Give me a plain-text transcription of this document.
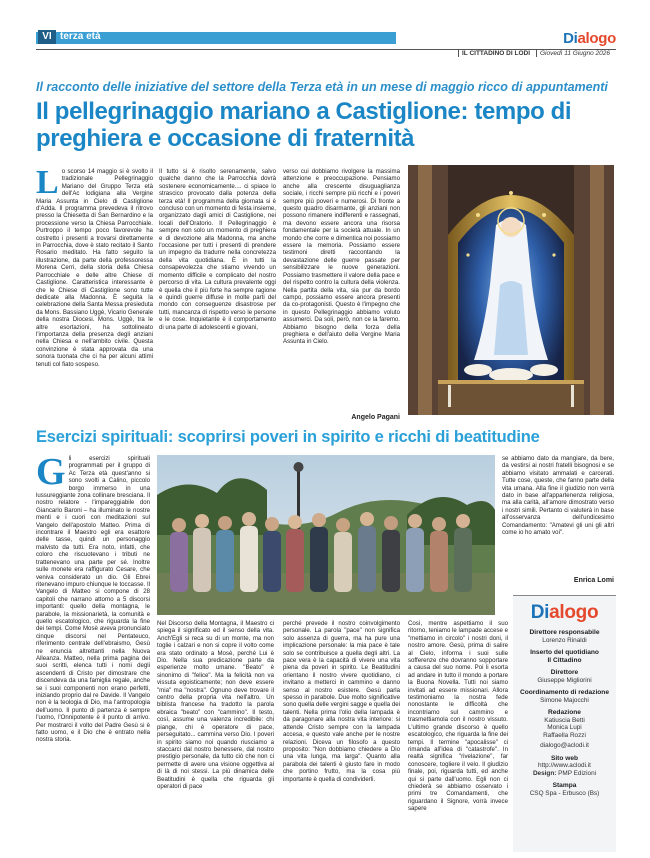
VI terza età	Dialogo
IL CITTADINO DI LODI	Giovedì 11 Giugno 2026
Il racconto delle iniziative del settore della Terza età in un mese di maggio ricco di appuntamenti
Il pellegrinaggio mariano a Castiglione: tempo di preghiera e occasione di fraternità
Lo scorso 14 maggio si è svolto il tradizionale Pellegrinaggio Mariano del Gruppo Terza età dell'Ac lodigiana alla Vergine Maria Assunta in Cielo di Castiglione d'Adda. Il programma prevedeva il ritrovo presso la Chiesetta di San Bernardino e la processione verso la Chiesa Parrocchiale. Purtroppo il tempo poco favorevole ha costretto i presenti a trovarsi direttamente in Parrocchia, dove è stato recitato il Santo Rosario meditato. Ha fatto seguito la illustrazione, da parte della professoressa Morena Cerri, della storia della Chiesa Parrocchiale e delle altre Chiese di Castiglione. Caratteristica interessante è che le Chiese di Castiglione sono tutte dedicate alla Madonna. È seguita la celebrazione della Santa Messa presieduta da Mons. Bassiano Uggè, Vicario Generale della nostra Diocesi. Mons. Uggè, tra le altre esortazioni, ha sottolineato l'importanza della presenza degli anziani nella Chiesa e nell'ambito civile. Questa convinzione è stata approvata da una sonora tuonata che ci ha per alcuni attimi tenuti col fiato sospeso.
Il tutto si è risolto serenamente, salvo qualche danno che la Parrocchia dovrà sostenere economicamente.... ci spiace lo strascico provocato dalla potenza della terza età! Il programma della giornata si è concluso con un momento di festa insieme, organizzato dagli amici di Castiglione, nei locali dell'Oratorio. Il Pellegrinaggio è sempre non solo un momento di preghiera e di devozione alla Madonna, ma anche l'occasione per tutti i presenti di prendere un impegno da tradurre nella concretezza della vita quotidiana. È in tutti la consapevolezza che stiamo vivendo un momento difficile e complicato del nostro percorso di vita. La cultura prevalente oggi è quella che il più forte ha sempre ragione e quindi guerre diffuse in molte parti del mondo con conseguenze disastrose per tutti, mancanza di rispetto verso le persone e le cose. Inquietante è il comportamento di una parte di adolescenti e giovani,
verso cui dobbiamo rivolgere la massima attenzione e preoccupazione. Pensiamo anche alla crescente disuguaglianza sociale, i ricchi sempre più ricchi e i poveri sempre più poveri e numerosi. Di fronte a questo quadro disarmante, gli anziani non possono rimanere indifferenti e rassegnati, ma devono essere ancora una risorsa fondamentale per la società attuale. In un mondo che corre e dimentica noi possiamo essere la memoria. Possiamo essere testimoni diretti raccontando la devastazione delle guerre passate per sensibilizzare le nuove generazioni. Possiamo trasmettere il valore della pace e del rispetto contro la cultura della violenza. Nella partita della vita, sia pur da bordo campo, possiamo essere ancora presenti da co-protagonisti. Questo è l'impegno che in questo Pellegrinaggio abbiamo voluto assumerci. Da soli, però, non ce la faremo. Abbiamo bisogno della forza della preghiera e dell'aiuto della Vergine Maria Assunta in Cielo.
Angelo Pagani
Esercizi spirituali: scoprirsi poveri in spirito e ricchi di beatitudine
Gli esercizi spirituali programmati per il gruppo di Ac Terza età quest'anno si sono svolti a Calino, piccolo borgo immerso in una lussureggiante zona collinare bresciana. Il nostro relatore - l'impareggiabile don Giancarlo Baroni – ha illuminato le nostre menti e i cuori con meditazioni sul Vangelo dell'apostolo Matteo. Prima di incontrare il Maestro egli era esattore delle tasse, quindi un personaggio malvisto da tutti. Era noto, infatti, che coloro che riscuotevano i tributi ne trattenevano una parte per sé. Inoltre sulle monete era raffigurato Cesare, che veniva considerato un dio. Gli Ebrei ritenevano impuro chiunque le toccasse. Il Vangelo di Matteo si compone di 28 capitoli che narrano attorno a 5 discorsi importanti: quello della montagna, le parabole, la missionarietà, la comunità e quello escatologico, che riguarda la fine dei tempi. Come Mosè aveva pronunciato cinque discorsi nel Pentateuco, riferimento centrale dell'ebraismo, Gesù ne enuncia altrettanti nella Nuova Alleanza. Matteo, nella prima pagina dei suoi scritti, elenca tutti i nomi degli ascendenti di Cristo per dimostrare che discendeva da una famiglia regale, anche se i suoi componenti non erano perfetti, iniziando proprio dal re Davide. Il Vangelo non è la teologia di Dio, ma l'antropologia dell'uomo. Il punto di partenza è sempre l'uomo, l'Onnipotente è il punto di arrivo. Per mostrarci il volto del Padre Gesù si è fatto uomo, e il Dio che è entrato nella nostra storia.
Nel Discorso della Montagna, il Maestro ci spiega il significato ed il senso della vita. Anch'Egli si reca su di un monte, ma non toglie i calzari e non si copre il volto come era stato ordinato a Mosè, perché Lui è Dio. Nella sua predicazione parte da esperienze molto umane. "Beato" è sinonimo di "felice". Ma la felicità non va vissuta egoisticamente; non deve essere "mia" ma "nostra". Ognuno deve trovare il centro della propria vita nell'altro. Un biblista francese ha tradotto la parola ebraica "beato" con "cammino". Il testo, così, assume una valenza incredibile: chi piange, chi è operatore di pace, perseguitato... cammina verso Dio. I poveri in spirito siamo noi quando riusciamo a staccarci dal nostro benessere, dal nostro prestigio personale, da tutto ciò che non ci permette di avere una visione oggettiva al di là di noi stessi. La più dinamica delle Beatitudini è quella che riguarda gli operatori di pace
perché prevede il nostro coinvolgimento personale. La parola "pace" non significa solo assenza di guerra, ma ha pure una implicazione personale: la mia pace è tale solo se contribuisce a quella degli altri. La pace vera è la capacità di vivere una vita piena da poveri in spirito. Le Beatitudini orientano il nostro vivere quotidiano, ci invitano a metterci in cammino e danno senso al nostro esistere. Gesù parla spesso in parabole. Due molto significative sono quella delle vergini sagge e quella dei talenti. Nella prima l'olio della lampada è da paragonare alla nostra vita interiore: si attende Cristo sempre con la lampada accesa, e questo vale anche per le nostre relazioni. Diceva un filosofo a questo proposito: "Non dobbiamo chiedere a Dio una vita lunga, ma larga". Quanto alla parabola dei talenti è giusto fare in modo che portino frutto, ma la cosa più importante è quella di condividerli.
Così, mentre aspettiamo il suo ritorno, teniamo le lampade accese e "mettiamo in circolo" i nostri doni, il nostro amore. Gesù, prima di salire al Cielo, informa i suoi sulle sofferenze che dovranno sopportare a causa del suo nome. Poi li esorta ad andare in tutto il mondo a portare la Buona Novella. Tutti noi siamo invitati ad essere missionari. Allora testimoniamo la nostra fede nonostante le difficoltà che incontriamo sul cammino e trasmettiamola con il nostro vissuto. L'ultimo grande discorso è quello escatologico, che riguarda la fine dei tempi. Il termine "apocalisse" ci rimanda all'idea di "catastrofe". In realtà significa "rivelazione", far conoscere, togliere il velo. Il giudizio finale, poi, riguarda tutti, ed anche qui si parte dall'uomo. Egli non ci chiederà se abbiamo osservato i primi tre Comandamenti, che riguardano il Signore, vorrà invece sapere
se abbiamo dato da mangiare, da bere, da vestirsi ai nostri fratelli bisognosi e se abbiamo visitato ammalati e carcerati. Tutte cose, queste, che fanno parte della vita umana. Alla fine il giudizio non verrà dato in base all'appartenenza religiosa, ma alla carità, all'amore dimostrato verso i nostri simili. Pertanto ci valuterà in base all'osservanza dell'undicesimo Comandamento: "Amatevi gli uni gli altri come io ho amato voi".
Enrica Lomi
Dialogo
Direttore responsabile
Lorenzo Rinaldi
Inserto del quotidiano
Il Cittadino
Direttore
Giuseppe Migliorini
Coordinamento di redazione
Simone Majocchi
Redazione
Katiuscia Betti
Monica Lupi
Raffaella Rozzi
dialogo@aclodi.it
Sito web
http://www.aclodi.it
Design: PMP Edizioni
Stampa
CSQ Spa - Erbusco (Bs)
